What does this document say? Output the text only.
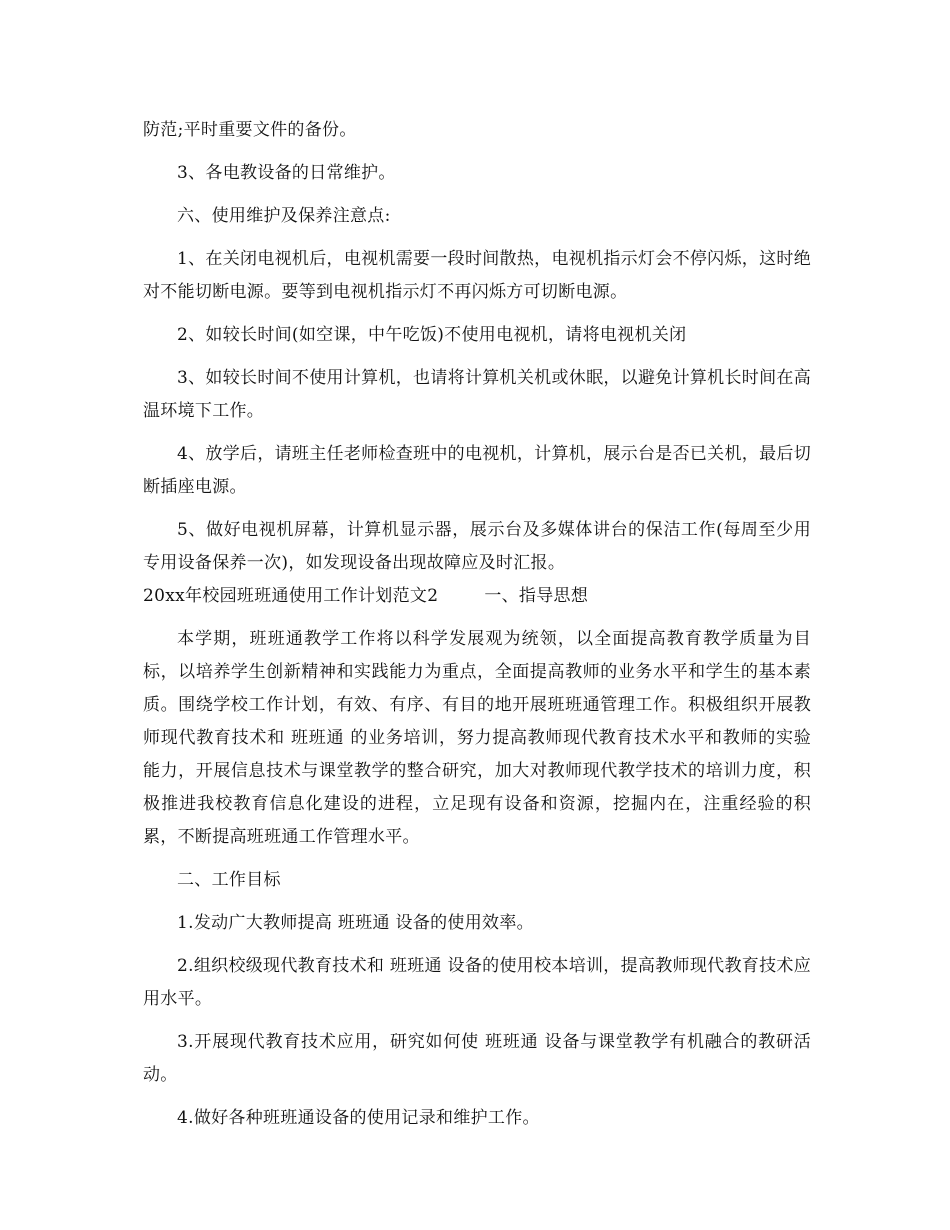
防范;平时重要文件的备份。

3、各电教设备的日常维护。

六、使用维护及保养注意点:

1、在关闭电视机后，电视机需要一段时间散热，电视机指示灯会不停闪烁，这时绝对不能切断电源。要等到电视机指示灯不再闪烁方可切断电源。

2、如较长时间(如空课，中午吃饭)不使用电视机，请将电视机关闭

3、如较长时间不使用计算机，也请将计算机关机或休眠，以避免计算机长时间在高温环境下工作。

4、放学后，请班主任老师检查班中的电视机，计算机，展示台是否已关机，最后切断插座电源。

5、做好电视机屏幕，计算机显示器，展示台及多媒体讲台的保洁工作(每周至少用专用设备保养一次)，如发现设备出现故障应及时汇报。

20xx年校园班班通使用工作计划范文2	一、指导思想

本学期，班班通教学工作将以科学发展观为统领，以全面提高教育教学质量为目标，以培养学生创新精神和实践能力为重点，全面提高教师的业务水平和学生的基本素质。围绕学校工作计划，有效、有序、有目的地开展班班通管理工作。积极组织开展教师现代教育技术和 班班通 的业务培训，努力提高教师现代教育技术水平和教师的实验能力，开展信息技术与课堂教学的整合研究，加大对教师现代教学技术的培训力度，积极推进我校教育信息化建设的进程，立足现有设备和资源，挖掘内在，注重经验的积累，不断提高班班通工作管理水平。

二、工作目标

1.发动广大教师提高 班班通 设备的使用效率。

2.组织校级现代教育技术和 班班通 设备的使用校本培训，提高教师现代教育技术应用水平。

3.开展现代教育技术应用，研究如何使 班班通 设备与课堂教学有机融合的教研活动。

4.做好各种班班通设备的使用记录和维护工作。
